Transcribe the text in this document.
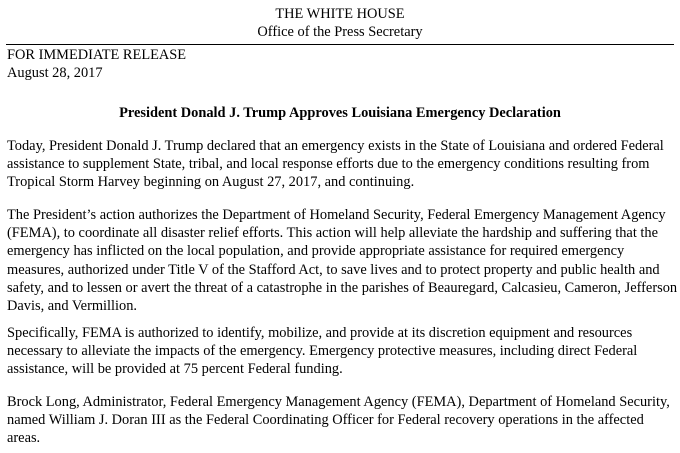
THE WHITE HOUSE
Office of the Press Secretary
FOR IMMEDIATE RELEASE
August 28, 2017
President Donald J. Trump Approves Louisiana Emergency Declaration

Today, President Donald J. Trump declared that an emergency exists in the State of Louisiana and ordered Federal assistance to supplement State, tribal, and local response efforts due to the emergency conditions resulting from Tropical Storm Harvey beginning on August 27, 2017, and continuing.

The President’s action authorizes the Department of Homeland Security, Federal Emergency Management Agency (FEMA), to coordinate all disaster relief efforts. This action will help alleviate the hardship and suffering that the emergency has inflicted on the local population, and provide appropriate assistance for required emergency measures, authorized under Title V of the Stafford Act, to save lives and to protect property and public health and safety, and to lessen or avert the threat of a catastrophe in the parishes of Beauregard, Calcasieu, Cameron, Jefferson Davis, and Vermillion.

Specifically, FEMA is authorized to identify, mobilize, and provide at its discretion equipment and resources necessary to alleviate the impacts of the emergency. Emergency protective measures, including direct Federal assistance, will be provided at 75 percent Federal funding.

Brock Long, Administrator, Federal Emergency Management Agency (FEMA), Department of Homeland Security, named William J. Doran III as the Federal Coordinating Officer for Federal recovery operations in the affected areas.
